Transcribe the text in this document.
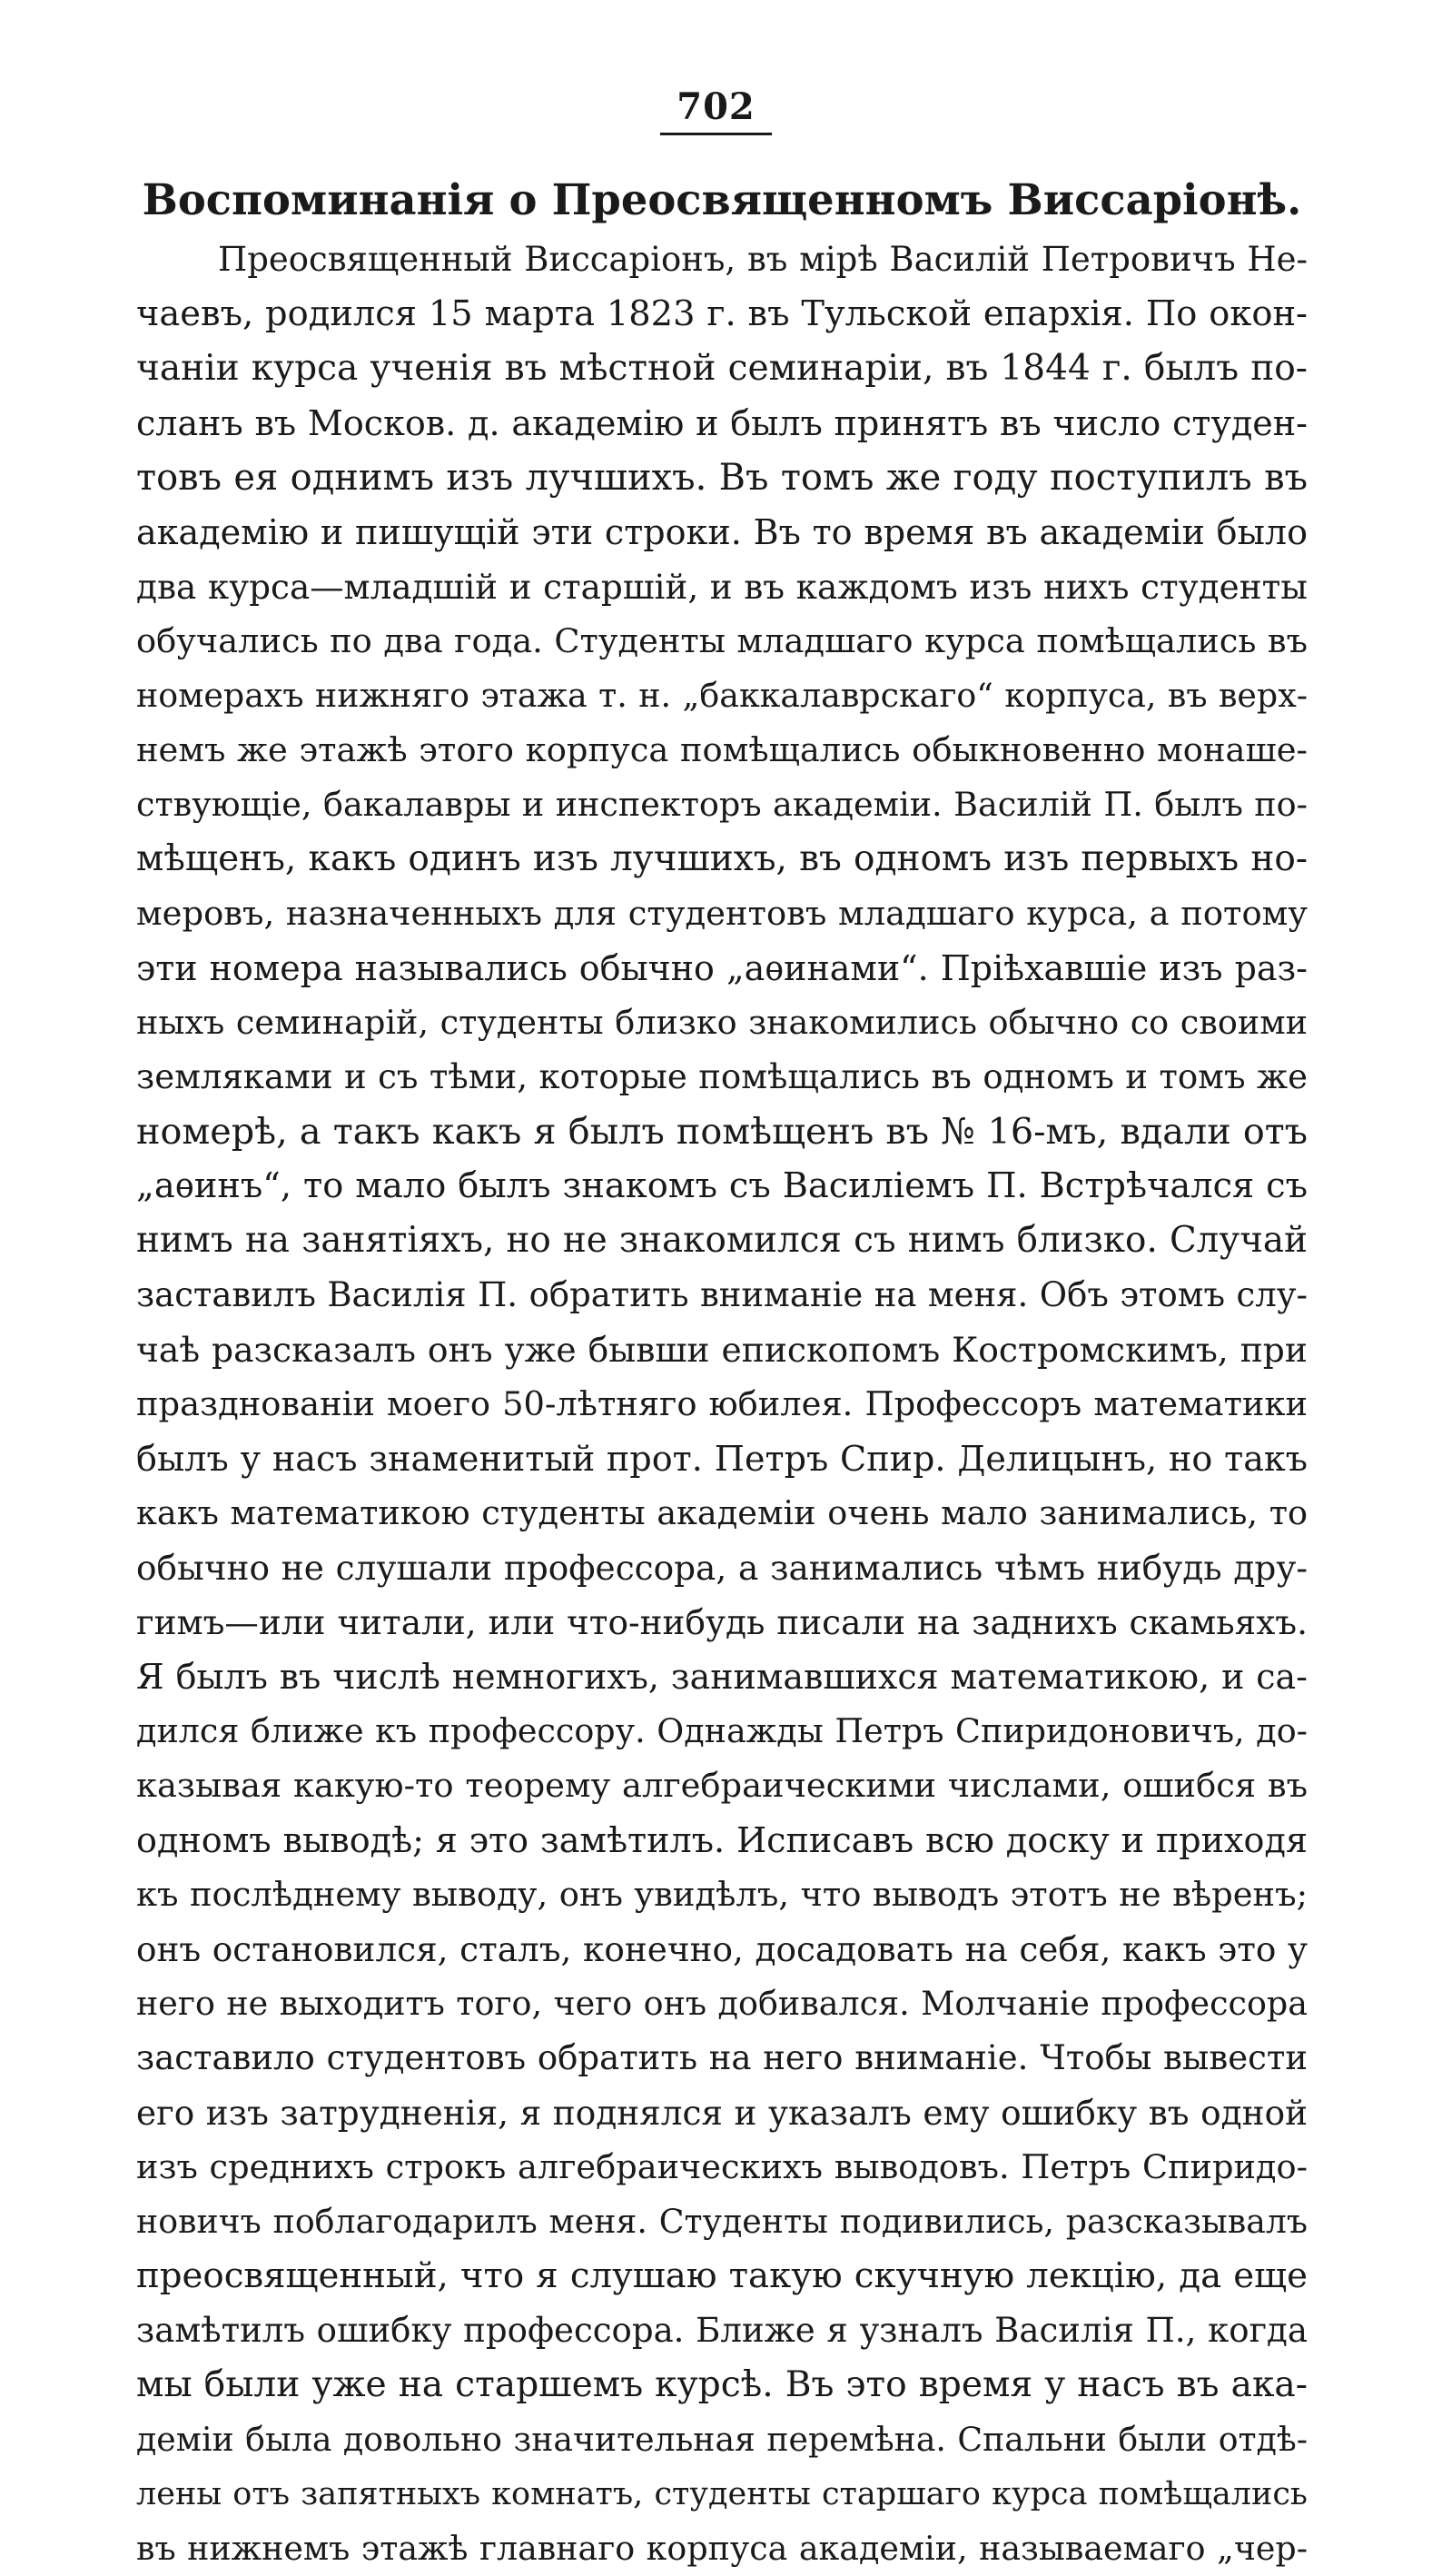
702
Воспоминанія о Преосвященномъ Виссаріонѣ.
Преосвященный Виссаріонъ, въ мірѣ Василій Петровичъ Не-
чаевъ, родился 15 марта 1823 г. въ Тульской епархія. По окон-
чаніи курса ученія въ мѣстной семинаріи, въ 1844 г. былъ по-
сланъ въ Москов. д. академію и былъ принятъ въ число студен-
товъ ея однимъ изъ лучшихъ. Въ томъ же году поступилъ въ
академію и пишущій эти строки. Въ то время въ академіи было
два курса—младшій и старшій, и въ каждомъ изъ нихъ студенты
обучались по два года. Студенты младшаго курса помѣщались въ
номерахъ нижняго этажа т. н. „баккалаврскаго“ корпуса, въ верх-
немъ же этажѣ этого корпуса помѣщались обыкновенно монаше-
ствующіе, бакалавры и инспекторъ академіи. Василій П. былъ по-
мѣщенъ, какъ одинъ изъ лучшихъ, въ одномъ изъ первыхъ но-
меровъ, назначенныхъ для студентовъ младшаго курса, а потому
эти номера назывались обычно „аѳинами“. Пріѣхавшіе изъ раз-
ныхъ семинарій, студенты близко знакомились обычно со своими
земляками и съ тѣми, которые помѣщались въ одномъ и томъ же
номерѣ, а такъ какъ я былъ помѣщенъ въ № 16-мъ, вдали отъ
„аѳинъ“, то мало былъ знакомъ съ Василіемъ П. Встрѣчался съ
нимъ на занятіяхъ, но не знакомился съ нимъ близко. Случай
заставилъ Василія П. обратить вниманіе на меня. Объ этомъ слу-
чаѣ разсказалъ онъ уже бывши епископомъ Костромскимъ, при
празднованіи моего 50-лѣтняго юбилея. Профессоръ математики
былъ у насъ знаменитый прот. Петръ Спир. Делицынъ, но такъ
какъ математикою студенты академіи очень мало занимались, то
обычно не слушали профессора, а занимались чѣмъ нибудь дру-
гимъ—или читали, или что-нибудь писали на заднихъ скамьяхъ.
Я былъ въ числѣ немногихъ, занимавшихся математикою, и са-
дился ближе къ профессору. Однажды Петръ Спиридоновичъ, до-
казывая какую-то теорему алгебраическими числами, ошибся въ
одномъ выводѣ; я это замѣтилъ. Исписавъ всю доску и приходя
къ послѣднему выводу, онъ увидѣлъ, что выводъ этотъ не вѣренъ;
онъ остановился, сталъ, конечно, досадовать на себя, какъ это у
него не выходитъ того, чего онъ добивался. Молчаніе профессора
заставило студентовъ обратить на него вниманіе. Чтобы вывести
его изъ затрудненія, я поднялся и указалъ ему ошибку въ одной
изъ среднихъ строкъ алгебраическихъ выводовъ. Петръ Спиридо-
новичъ поблагодарилъ меня. Студенты подивились, разсказывалъ
преосвященный, что я слушаю такую скучную лекцію, да еще
замѣтилъ ошибку профессора. Ближе я узналъ Василія П., когда
мы были уже на старшемъ курсѣ. Въ это время у насъ въ ака-
деміи была довольно значительная перемѣна. Спальни были отдѣ-
лены отъ запятныхъ комнатъ, студенты старшаго курса помѣщались
въ нижнемъ этажѣ главнаго корпуса академіи, называемаго „чер-
